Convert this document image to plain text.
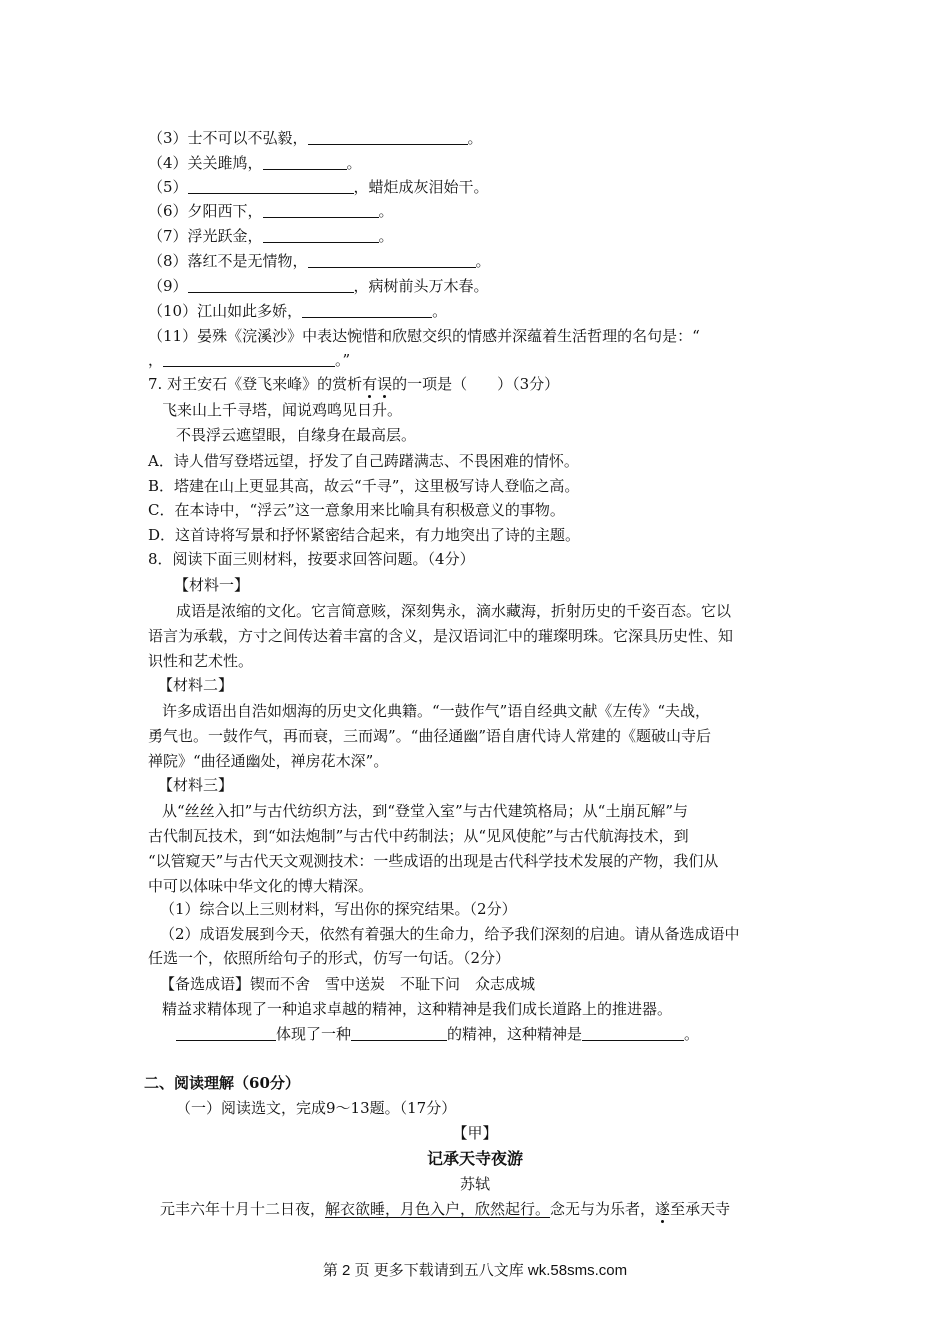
（3）士不可以不弘毅，	。
（4）关关雎鸠，	。
（5）	，蜡炬成灰泪始干。
（6）夕阳西下，	。
（7）浮光跃金，	。
（8）落红不是无情物，	。
（9）	，病树前头万木春。
（10）江山如此多娇，	。
（11）晏殊《浣溪沙》中表达惋惜和欣慰交织的情感并深蕴着生活哲理的名句是：“
，	。”
7. 对王安石《登飞来峰》的赏析有误的一项是（　　）（3分）
飞来山上千寻塔，闻说鸡鸣见日升。
不畏浮云遮望眼，自缘身在最高层。
A．诗人借写登塔远望，抒发了自己踌躇满志、不畏困难的情怀。
B．塔建在山上更显其高，故云“千寻”，这里极写诗人登临之高。
C．在本诗中，“浮云”这一意象用来比喻具有积极意义的事物。
D．这首诗将写景和抒怀紧密结合起来，有力地突出了诗的主题。
8．阅读下面三则材料，按要求回答问题。（4分）
【材料一】
成语是浓缩的文化。它言简意赅，深刻隽永，滴水藏海，折射历史的千姿百态。它以
语言为承载，方寸之间传达着丰富的含义，是汉语词汇中的璀璨明珠。它深具历史性、知
识性和艺术性。
【材料二】
许多成语出自浩如烟海的历史文化典籍。“一鼓作气”语自经典文献《左传》“夫战，
勇气也。一鼓作气，再而衰，三而竭”。“曲径通幽”语自唐代诗人常建的《题破山寺后
禅院》“曲径通幽处，禅房花木深”。
【材料三】
从“丝丝入扣”与古代纺织方法，到“登堂入室”与古代建筑格局；从“土崩瓦解”与
古代制瓦技术，到“如法炮制”与古代中药制法；从“见风使舵”与古代航海技术，到
“以管窥天”与古代天文观测技术：一些成语的出现是古代科学技术发展的产物，我们从
中可以体味中华文化的博大精深。
（1）综合以上三则材料，写出你的探究结果。（2分）
（2）成语发展到今天，依然有着强大的生命力，给予我们深刻的启迪。请从备选成语中
任选一个，依照所给句子的形式，仿写一句话。（2分）
【备选成语】锲而不舍　雪中送炭　不耻下问　众志成城
精益求精体现了一种追求卓越的精神，这种精神是我们成长道路上的推进器。
体现了一种	的精神，这种精神是	。
二、阅读理解（60分）
（一）阅读选文，完成9～13题。（17分）
【甲】
记承天寺夜游
苏轼
元丰六年十月十二日夜，解衣欲睡，月色入户，欣然起行。念无与为乐者，遂至承天寺
第 2 页 更多下载请到五八文库 wk.58sms.com
